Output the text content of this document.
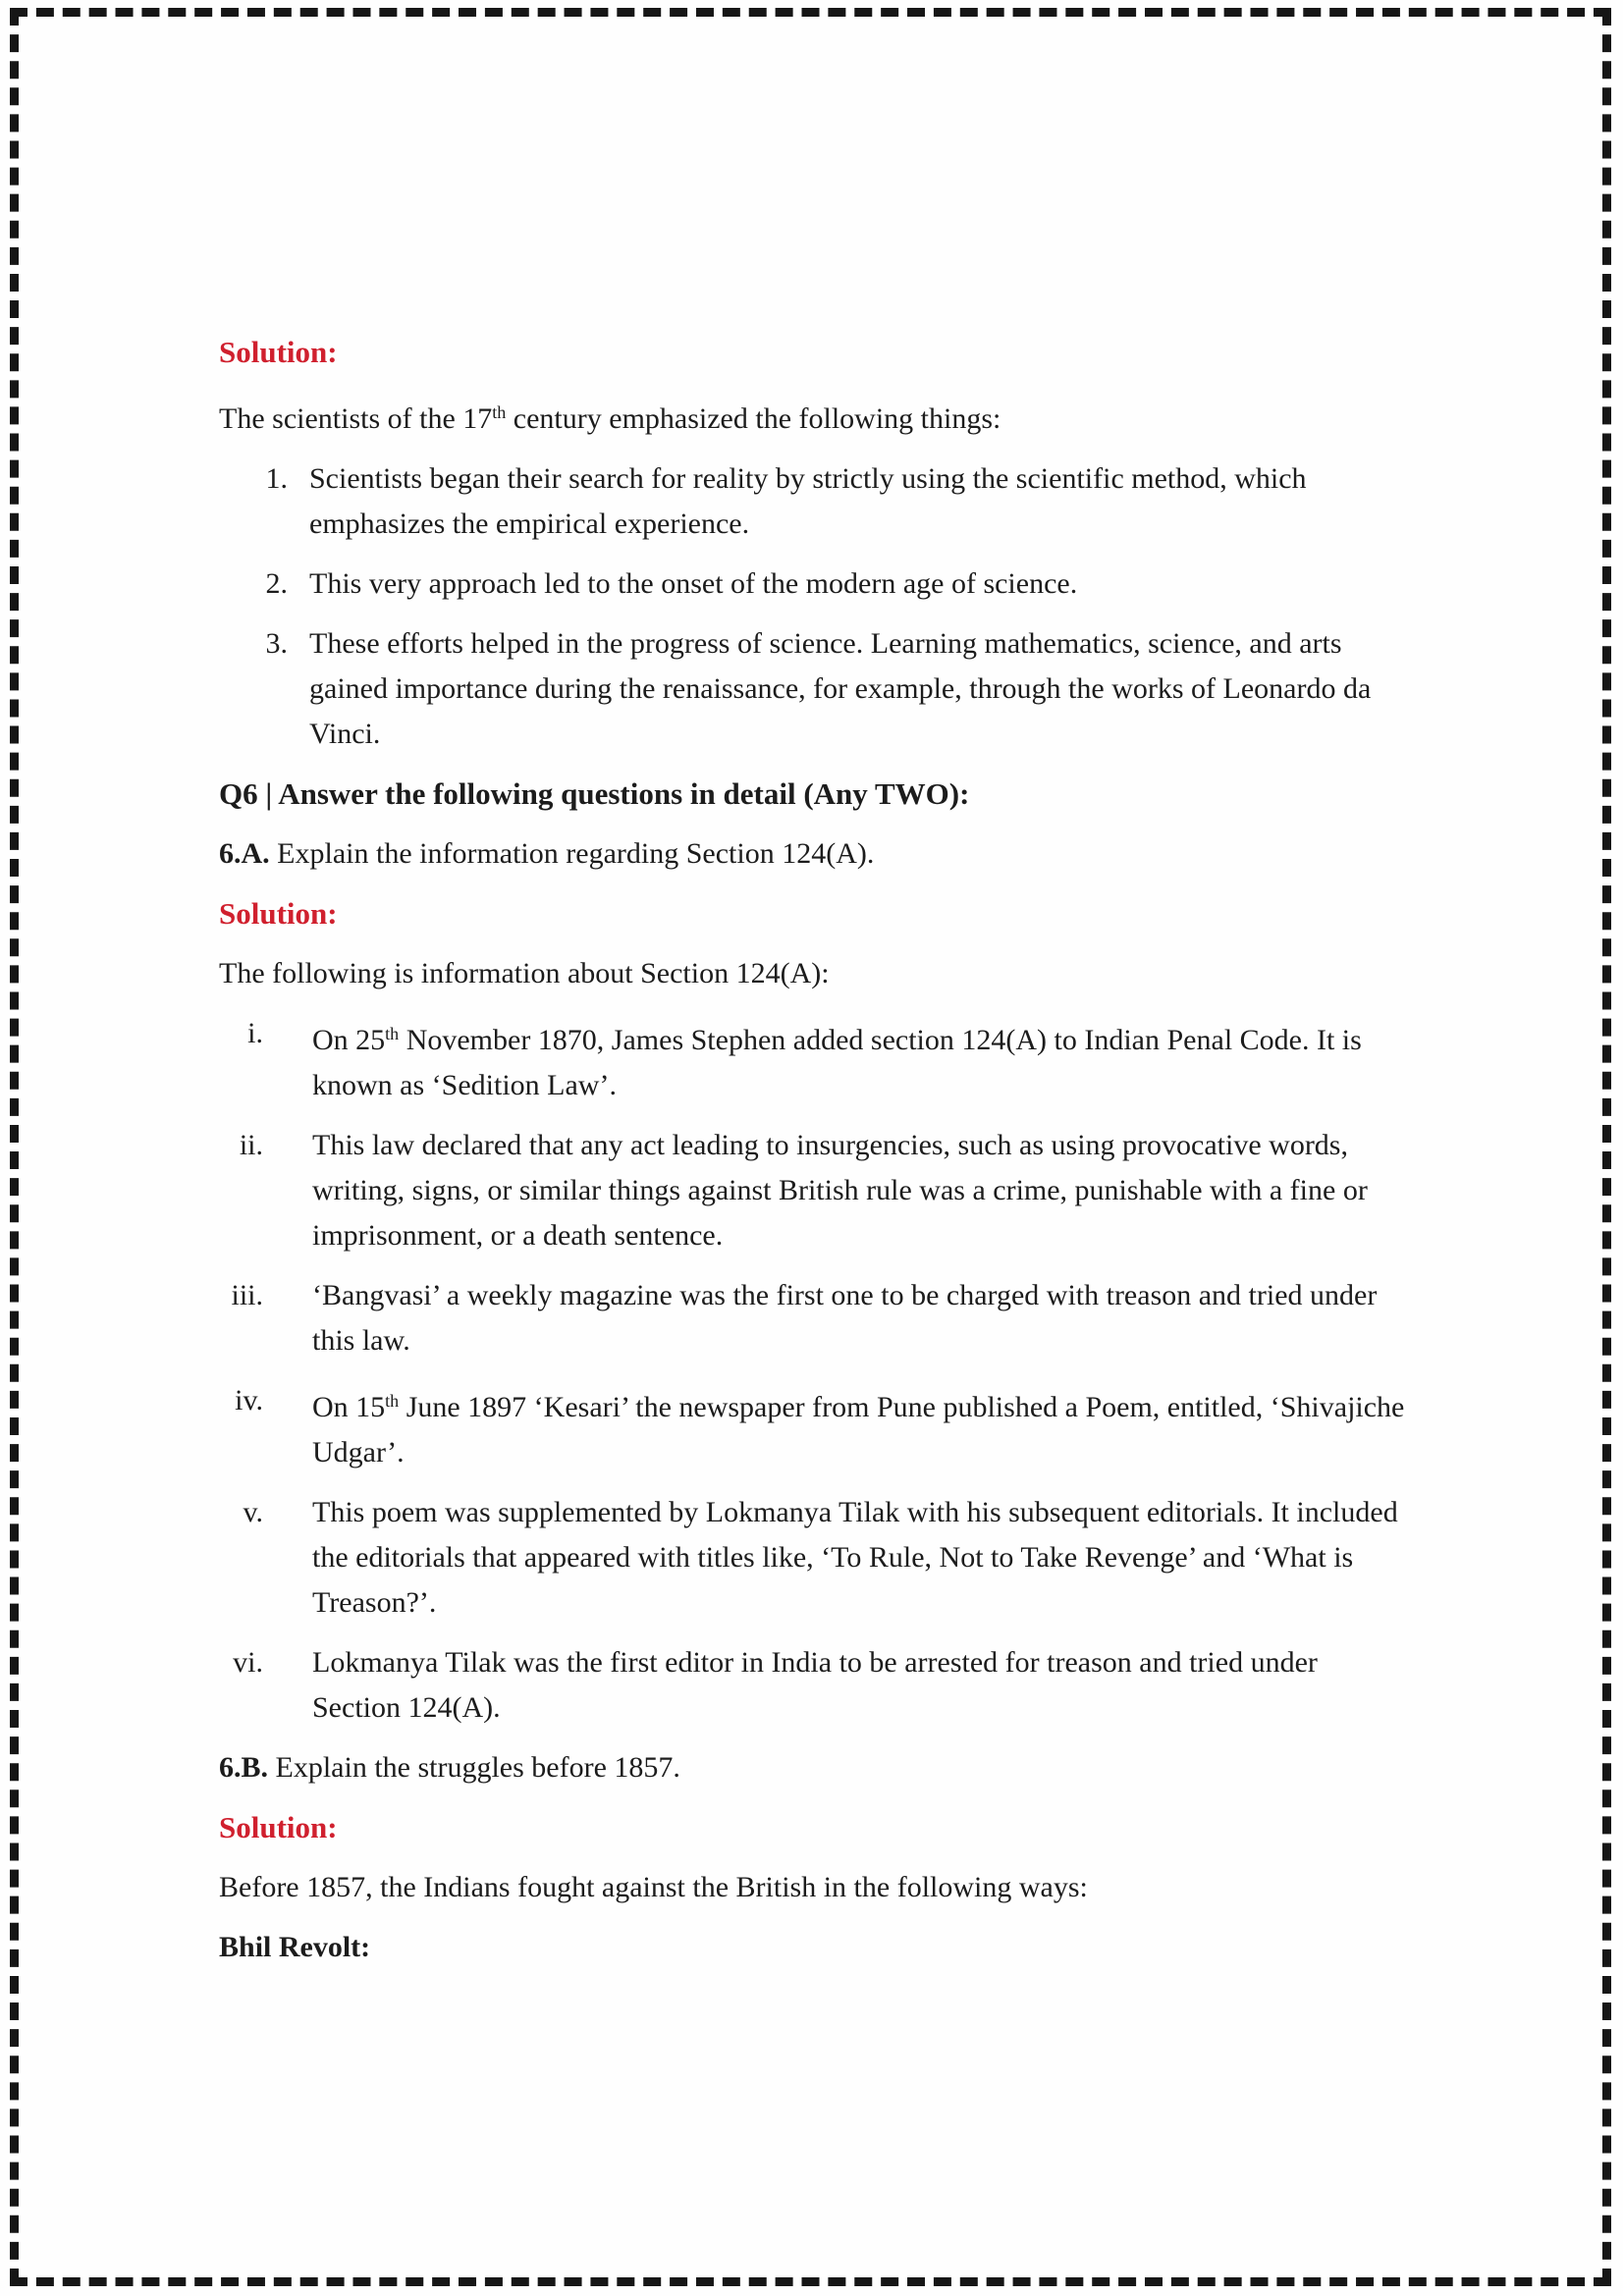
Solution:

The scientists of the 17th century emphasized the following things:

1. Scientists began their search for reality by strictly using the scientific method, which emphasizes the empirical experience.
2. This very approach led to the onset of the modern age of science.
3. These efforts helped in the progress of science. Learning mathematics, science, and arts gained importance during the renaissance, for example, through the works of Leonardo da Vinci.

Q6 | Answer the following questions in detail (Any TWO):

6.A. Explain the information regarding Section 124(A).

Solution:

The following is information about Section 124(A):

i. On 25th November 1870, James Stephen added section 124(A) to Indian Penal Code. It is known as ‘Sedition Law’.
ii. This law declared that any act leading to insurgencies, such as using provocative words, writing, signs, or similar things against British rule was a crime, punishable with a fine or imprisonment, or a death sentence.
iii. ‘Bangvasi’ a weekly magazine was the first one to be charged with treason and tried under this law.
iv. On 15th June 1897 ‘Kesari’ the newspaper from Pune published a Poem, entitled, ‘Shivajiche Udgar’.
v. This poem was supplemented by Lokmanya Tilak with his subsequent editorials. It included the editorials that appeared with titles like, ‘To Rule, Not to Take Revenge’ and ‘What is Treason?’.
vi. Lokmanya Tilak was the first editor in India to be arrested for treason and tried under Section 124(A).

6.B. Explain the struggles before 1857.

Solution:

Before 1857, the Indians fought against the British in the following ways:

Bhil Revolt:
